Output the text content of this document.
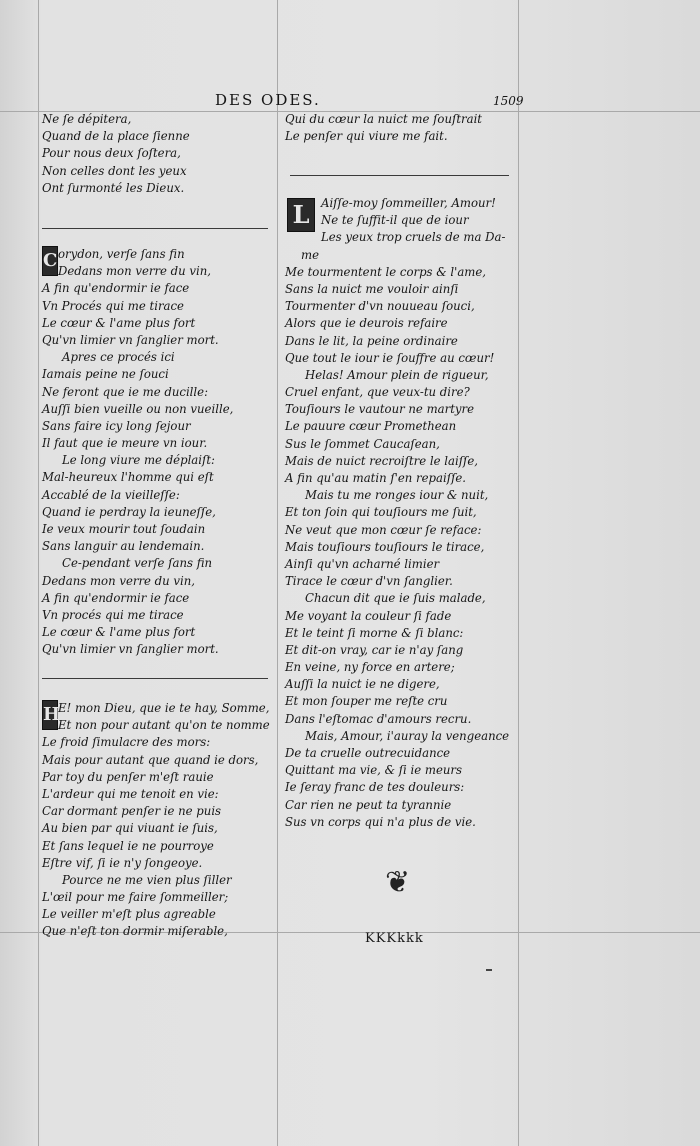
DES ODES.	1509
Ne ſe dépitera,
Quand de la place ſienne
Pour nous deux ſoſtera,
Non celles dont les yeux
Ont ſurmonté les Dieux.
C orydon, verſe ſans fin
Dedans mon verre du vin,
A fin qu'endormir ie face
Vn Procés qui me tirace
Le cœur & l'ame plus fort
Qu'vn limier vn ſanglier mort.
Apres ce procés ici
Iamais peine ne ſouci
Ne feront que ie me ducille:
Auſſi bien vueille ou non vueille,
Sans faire icy long ſejour
Il faut que ie meure vn iour.
Le long viure me déplaiſt:
Mal-heureux l'homme qui eſt
Accablé de la vieilleſſe:
Quand ie perdray la ieuneſſe,
Ie veux mourir tout ſoudain
Sans languir au lendemain.
Ce-pendant verſe ſans fin
Dedans mon verre du vin,
A fin qu'endormir ie face
Vn procés qui me tirace
Le cœur & l'ame plus fort
Qu'vn limier vn ſanglier mort.
H
E! mon Dieu, que ie te hay, Somme,
Et non pour autant qu'on te nomme
Le froid ſimulacre des mors:
Mais pour autant que quand ie dors,
Par toy du penſer m'eſt rauie
L'ardeur qui me tenoit en vie:
Car dormant penſer ie ne puis
Au bien par qui viuant ie ſuis,
Et ſans lequel ie ne pourroye
Eſtre vif, ſi ie n'y ſongeoye.
Pource ne me vien plus ſiller
L'œil pour me faire ſommeiller;
Le veiller m'eſt plus agreable
Que n'eſt ton dormir miſerable,
Qui du cœur la nuict me ſouſtrait
Le penſer qui viure me fait.
L Aiſſe-moy ſommeiller, Amour!
Ne te ſuffit-il que de iour
Les yeux trop cruels de ma Da-
me
Me tourmentent le corps & l'ame,
Sans la nuict me vouloir ainſi
Tourmenter d'vn nouueau ſouci,
Alors que ie deurois refaire
Dans le lit, la peine ordinaire
Que tout le iour ie ſouffre au cœur!
Helas! Amour plein de rigueur,
Cruel enfant, que veux-tu dire?
Touſiours le vautour ne martyre
Le pauure cœur Promethean
Sus le ſommet Caucaſean,
Mais de nuict recroiſtre le laiſſe,
A fin qu'au matin ſ'en repaiſſe.
Mais tu me ronges iour & nuit,
Et ton ſoin qui touſiours me ſuit,
Ne veut que mon cœur ſe reface:
Mais touſiours touſiours le tirace,
Ainſi qu'vn acharné limier
Tirace le cœur d'vn ſanglier.
Chacun dit que ie ſuis malade,
Me voyant la couleur ſi fade
Et le teint ſi morne & ſi blanc:
Et dit-on vray, car ie n'ay ſang
En veine, ny force en artere;
Auſſi la nuict ie ne digere,
Et mon ſouper me reſte cru
Dans l'eſtomac d'amours recru.
Mais, Amour, i'auray la vengeance
De ta cruelle outrecuidance
Quittant ma vie, & ſi ie meurs
Ie ſeray franc de tes douleurs:
Car rien ne peut ta tyrannie
Sus vn corps qui n'a plus de vie.
❦
KKKkkk
